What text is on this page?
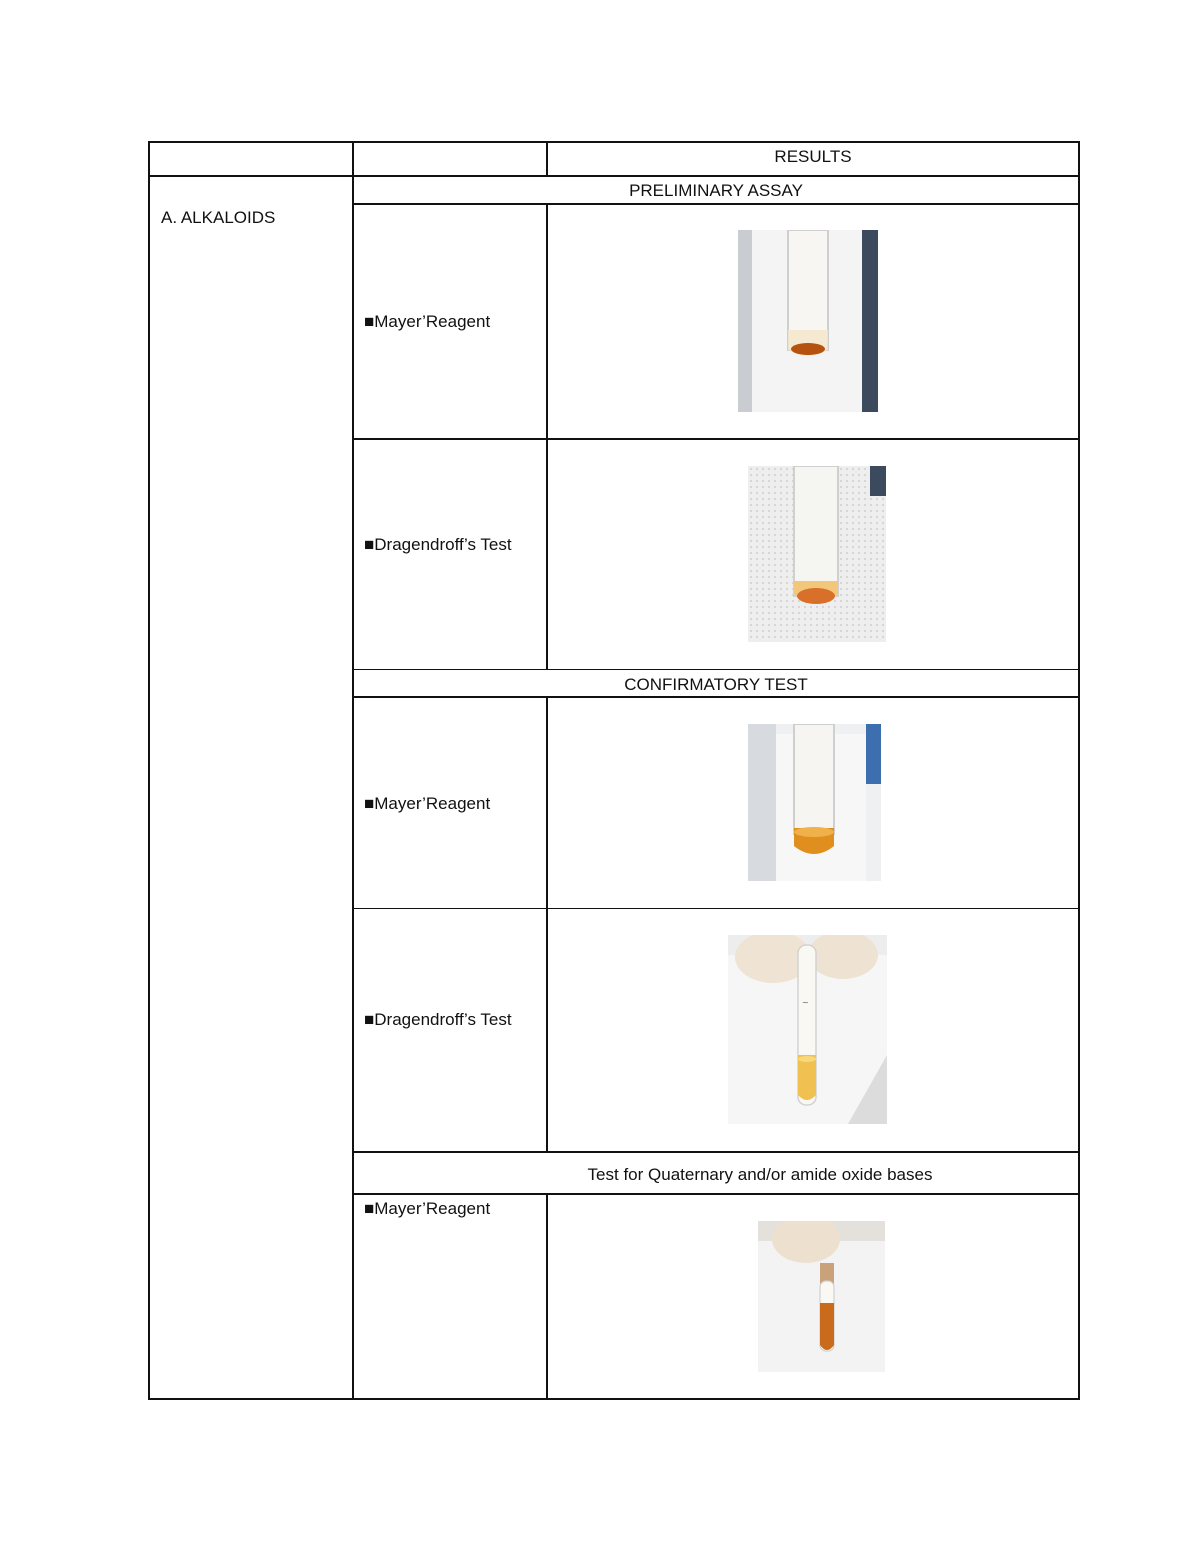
RESULTS
A. ALKALOIDS
PRELIMINARY ASSAY
CONFIRMATORY TEST
Test for Quaternary and/or amide oxide bases
■Mayer’Reagent
■Dragendroff’s Test
■Mayer’Reagent
■Dragendroff’s Test
■Mayer’Reagent
~
